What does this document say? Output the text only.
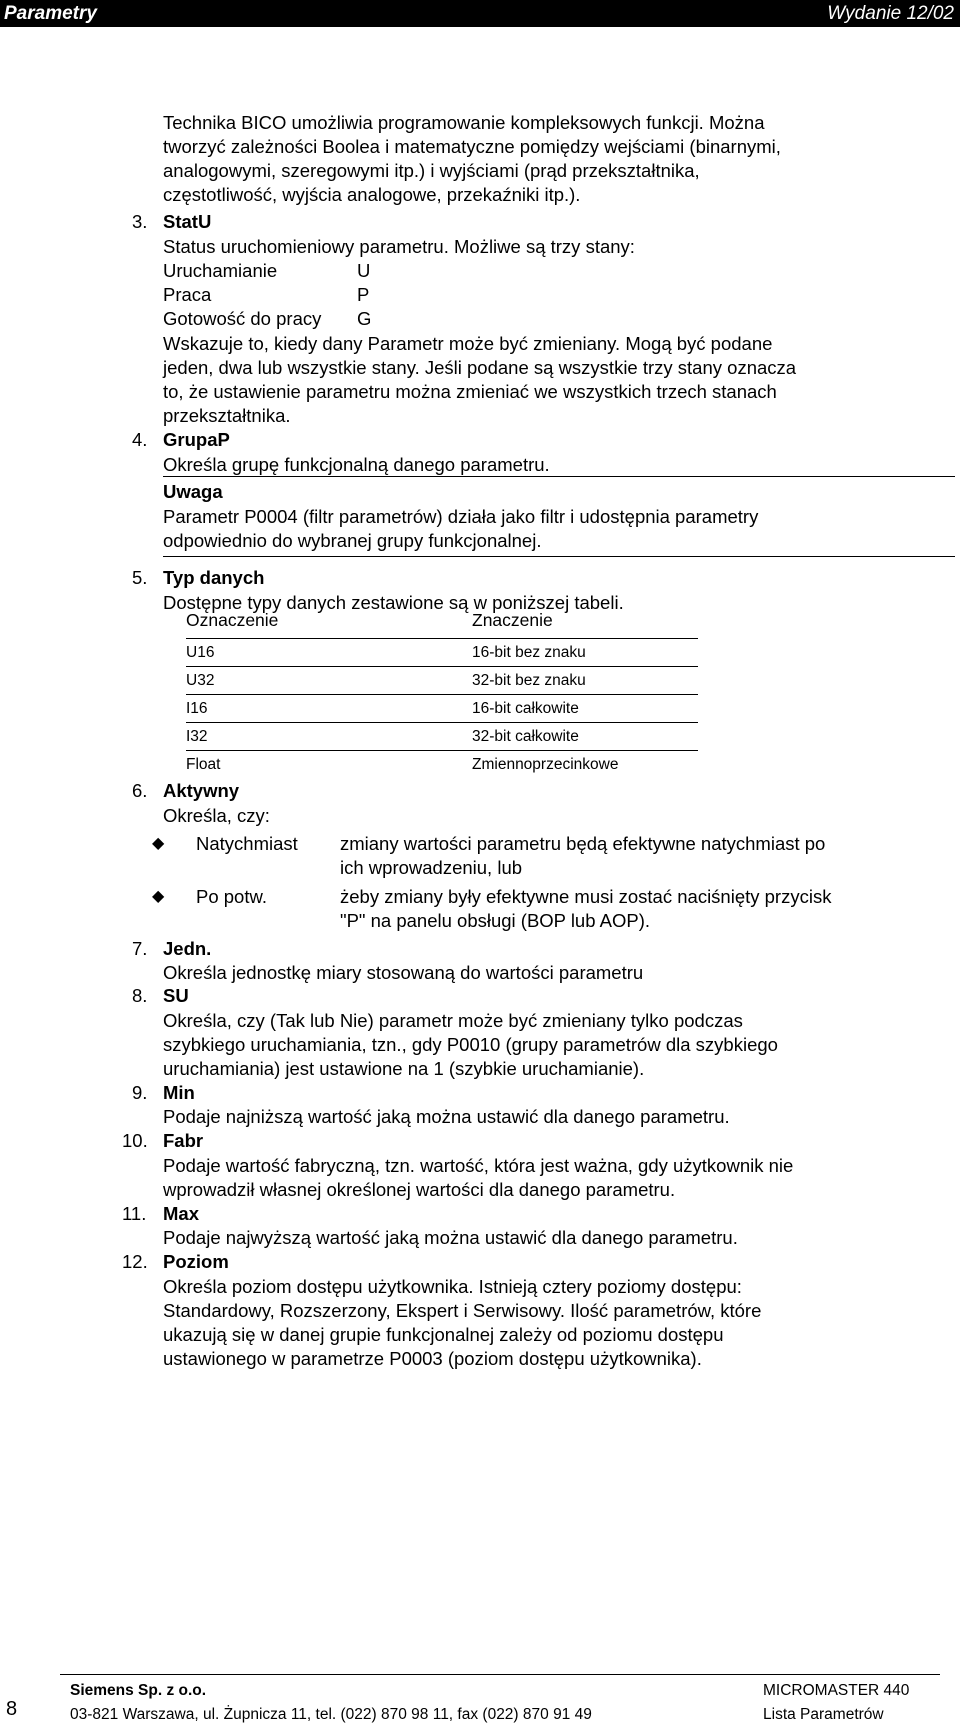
Parametry	Wydanie 12/02
Technika BICO umożliwia programowanie kompleksowych funkcji. Można
tworzyć zależności Boolea i matematyczne pomiędzy wejściami (binarnymi,
analogowymi, szeregowymi itp.) i wyjściami (prąd przekształtnika,
częstotliwość, wyjścia analogowe, przekaźniki itp.).
3. StatU
Status uruchomieniowy parametru. Możliwe są trzy stany:
Uruchamianie	U
Praca	P
Gotowość do pracy G
Wskazuje to, kiedy dany Parametr może być zmieniany. Mogą być podane
jeden, dwa lub wszystkie stany. Jeśli podane są wszystkie trzy stany oznacza
to, że ustawienie parametru można zmieniać we wszystkich trzech stanach
przekształtnika.
4. GrupaP
Określa grupę funkcjonalną danego parametru.
Uwaga
Parametr P0004 (filtr parametrów) działa jako filtr i udostępnia parametry
odpowiednio do wybranej grupy funkcjonalnej.
5. Typ danych
Dostępne typy danych zestawione są w poniższej tabeli.
Oznaczenie	Znaczenie
U16	16-bit bez znaku
U32	32-bit bez znaku
I16	16-bit całkowite
I32	32-bit całkowite
Float	Zmiennoprzecinkowe
6. Aktywny
Określa, czy:
◆ Natychmiast zmiany wartości parametru będą efektywne natychmiast po
ich wprowadzeniu, lub
◆ Po potw.	żeby zmiany były efektywne musi zostać naciśnięty przycisk
"P" na panelu obsługi (BOP lub AOP).
7. Jedn.
Określa jednostkę miary stosowaną do wartości parametru
8. SU
Określa, czy (Tak lub Nie) parametr może być zmieniany tylko podczas
szybkiego uruchamiania, tzn., gdy P0010 (grupy parametrów dla szybkiego
uruchamiania) jest ustawione na 1 (szybkie uruchamianie).
9. Min
Podaje najniższą wartość jaką można ustawić dla danego parametru.
10. Fabr
Podaje wartość fabryczną, tzn. wartość, która jest ważna, gdy użytkownik nie
wprowadził własnej określonej wartości dla danego parametru.
11. Max
Podaje najwyższą wartość jaką można ustawić dla danego parametru.
12. Poziom
Określa poziom dostępu użytkownika. Istnieją cztery poziomy dostępu:
Standardowy, Rozszerzony, Ekspert i Serwisowy. Ilość parametrów, które
ukazują się w danej grupie funkcjonalnej zależy od poziomu dostępu
ustawionego w parametrze P0003 (poziom dostępu użytkownika).
8
Siemens Sp. z o.o.
03-821 Warszawa, ul. Żupnicza 11, tel. (022) 870 98 11, fax (022) 870 91 49
MICROMASTER 440
Lista Parametrów
